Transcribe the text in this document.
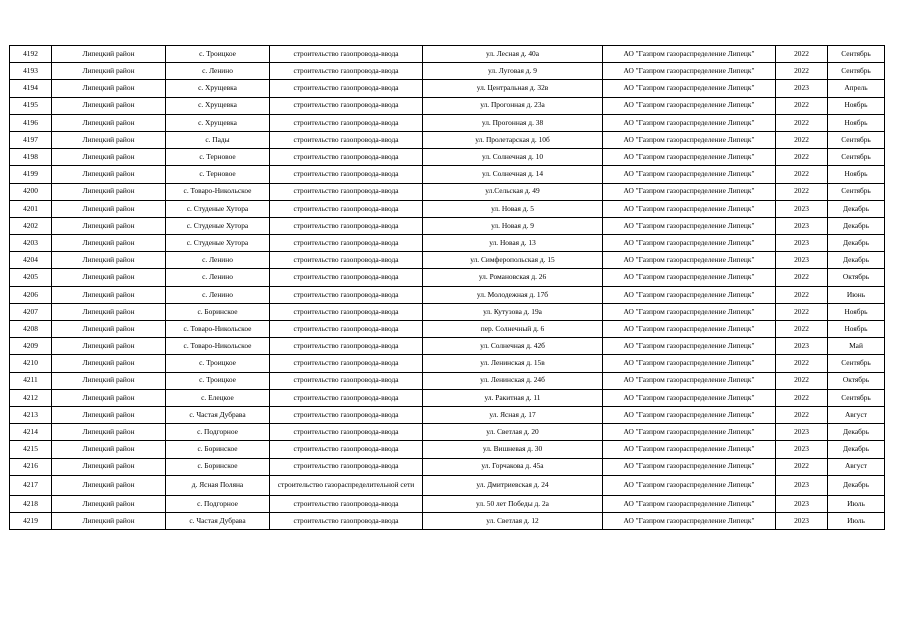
4192	Липецкий район	с. Троицкое	строительство газопровода-ввода	ул. Лесная д. 40а	АО "Газпром газораспределение Липецк"	2022	Сентябрь
4193	Липецкий район	с. Ленино	строительство газопровода-ввода	ул. Луговая д. 9	АО "Газпром газораспределение Липецк"	2022	Сентябрь
4194	Липецкий район	с. Хрущевка	строительство газопровода-ввода	ул. Центральная д. 32в	АО "Газпром газораспределение Липецк"	2023	Апрель
4195	Липецкий район	с. Хрущевка	строительство газопровода-ввода	ул. Прогонная д. 23а	АО "Газпром газораспределение Липецк"	2022	Ноябрь
4196	Липецкий район	с. Хрущевка	строительство газопровода-ввода	ул. Прогонная д. 38	АО "Газпром газораспределение Липецк"	2022	Ноябрь
4197	Липецкий район	с. Пады	строительство газопровода-ввода	ул. Пролетарская д. 10б	АО "Газпром газораспределение Липецк"	2022	Сентябрь
4198	Липецкий район	с. Терновое	строительство газопровода-ввода	ул. Солнечная д. 10	АО "Газпром газораспределение Липецк"	2022	Сентябрь
4199	Липецкий район	с. Терновое	строительство газопровода-ввода	ул. Солнечная д. 14	АО "Газпром газораспределение Липецк"	2022	Ноябрь
4200	Липецкий район	с. Товаро-Никольское	строительство газопровода-ввода	ул.Сельская д. 49	АО "Газпром газораспределение Липецк"	2022	Сентябрь
4201	Липецкий район	с. Студеные Хутора	строительство газопровода-ввода	ул. Новая д. 5	АО "Газпром газораспределение Липецк"	2023	Декабрь
4202	Липецкий район	с. Студеные Хутора	строительство газопровода-ввода	ул. Новая д. 9	АО "Газпром газораспределение Липецк"	2023	Декабрь
4203	Липецкий район	с. Студеные Хутора	строительство газопровода-ввода	ул. Новая д. 13	АО "Газпром газораспределение Липецк"	2023	Декабрь
4204	Липецкий район	с. Ленино	строительство газопровода-ввода	ул. Симферопольская д. 15	АО "Газпром газораспределение Липецк"	2023	Декабрь
4205	Липецкий район	с. Ленино	строительство газопровода-ввода	ул. Романовская д. 26	АО "Газпром газораспределение Липецк"	2022	Октябрь
4206	Липецкий район	с. Ленино	строительство газопровода-ввода	ул. Молодежная д. 17б	АО "Газпром газораспределение Липецк"	2022	Июнь
4207	Липецкий район	с. Боринское	строительство газопровода-ввода	ул. Кутузова д. 19а	АО "Газпром газораспределение Липецк"	2022	Ноябрь
4208	Липецкий район	с. Товаро-Никольское	строительство газопровода-ввода	пер. Солнечный д. 6	АО "Газпром газораспределение Липецк"	2022	Ноябрь
4209	Липецкий район	с. Товаро-Никольское	строительство газопровода-ввода	ул. Солнечная д. 42б	АО "Газпром газораспределение Липецк"	2023	Май
4210	Липецкий район	с. Троицкое	строительство газопровода-ввода	ул. Ленинская д. 15в	АО "Газпром газораспределение Липецк"	2022	Сентябрь
4211	Липецкий район	с. Троицкое	строительство газопровода-ввода	ул. Ленинская д. 24б	АО "Газпром газораспределение Липецк"	2022	Октябрь
4212	Липецкий район	с. Елецкое	строительство газопровода-ввода	ул. Ракитная д. 11	АО "Газпром газораспределение Липецк"	2022	Сентябрь
4213	Липецкий район	с. Частая Дубрава	строительство газопровода-ввода	ул. Ясная д. 17	АО "Газпром газораспределение Липецк"	2022	Август
4214	Липецкий район	с. Подгорное	строительство газопровода-ввода	ул. Светлая д. 20	АО "Газпром газораспределение Липецк"	2023	Декабрь
4215	Липецкий район	с. Боринское	строительство газопровода-ввода	ул. Вишневая д. 30	АО "Газпром газораспределение Липецк"	2023	Декабрь
4216	Липецкий район	с. Боринское	строительство газопровода-ввода	ул. Горчакова д. 45а	АО "Газпром газораспределение Липецк"	2022	Август
4217	Липецкий район	д. Ясная Поляна	строительство газораспределительной сети	ул. Дмитриевская д. 24	АО "Газпром газораспределение Липецк"	2023	Декабрь
4218	Липецкий район	с. Подгорное	строительство газопровода-ввода	ул. 50 лет Победы д. 2а	АО "Газпром газораспределение Липецк"	2023	Июль
4219	Липецкий район	с. Частая Дубрава	строительство газопровода-ввода	ул. Светлая д. 12	АО "Газпром газораспределение Липецк"	2023	Июль
